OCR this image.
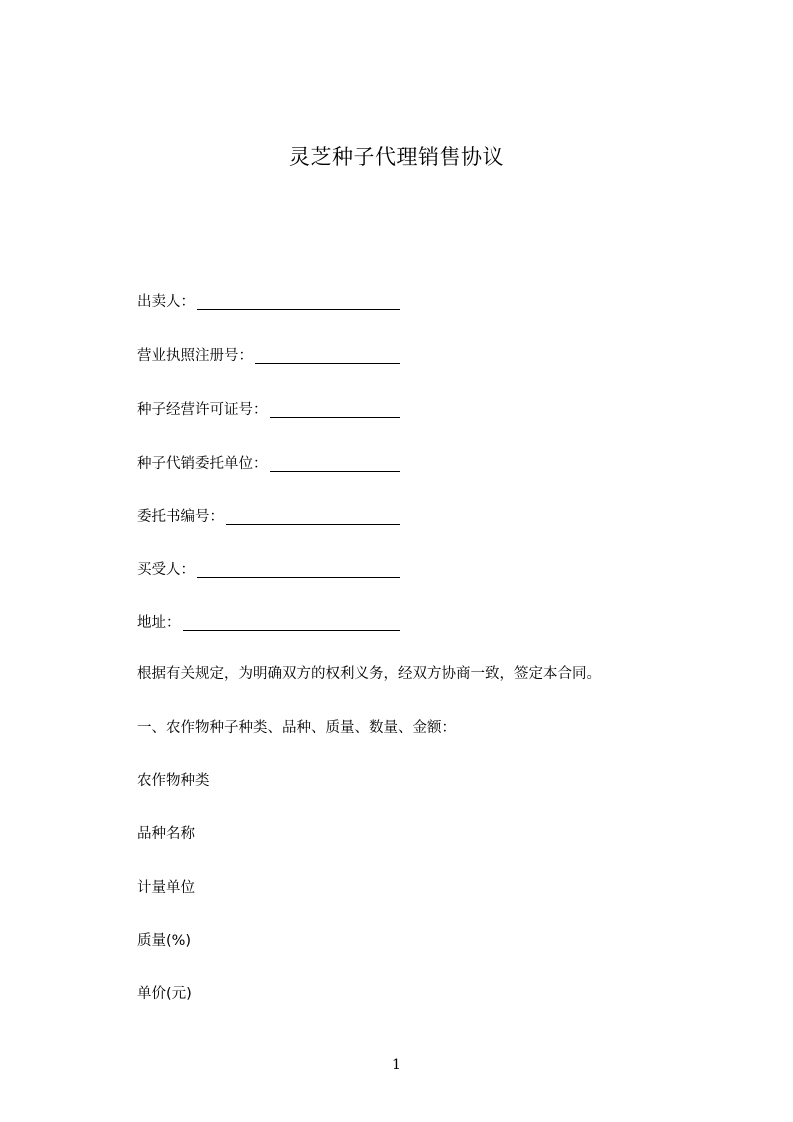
灵芝种子代理销售协议
出卖人：
营业执照注册号：
种子经营许可证号：
种子代销委托单位：
委托书编号：
买受人：
地址：
根据有关规定，为明确双方的权利义务，经双方协商一致，签定本合同。
一、农作物种子种类、品种、质量、数量、金额：
农作物种类
品种名称
计量单位
质量(%)
单价(元)
1
